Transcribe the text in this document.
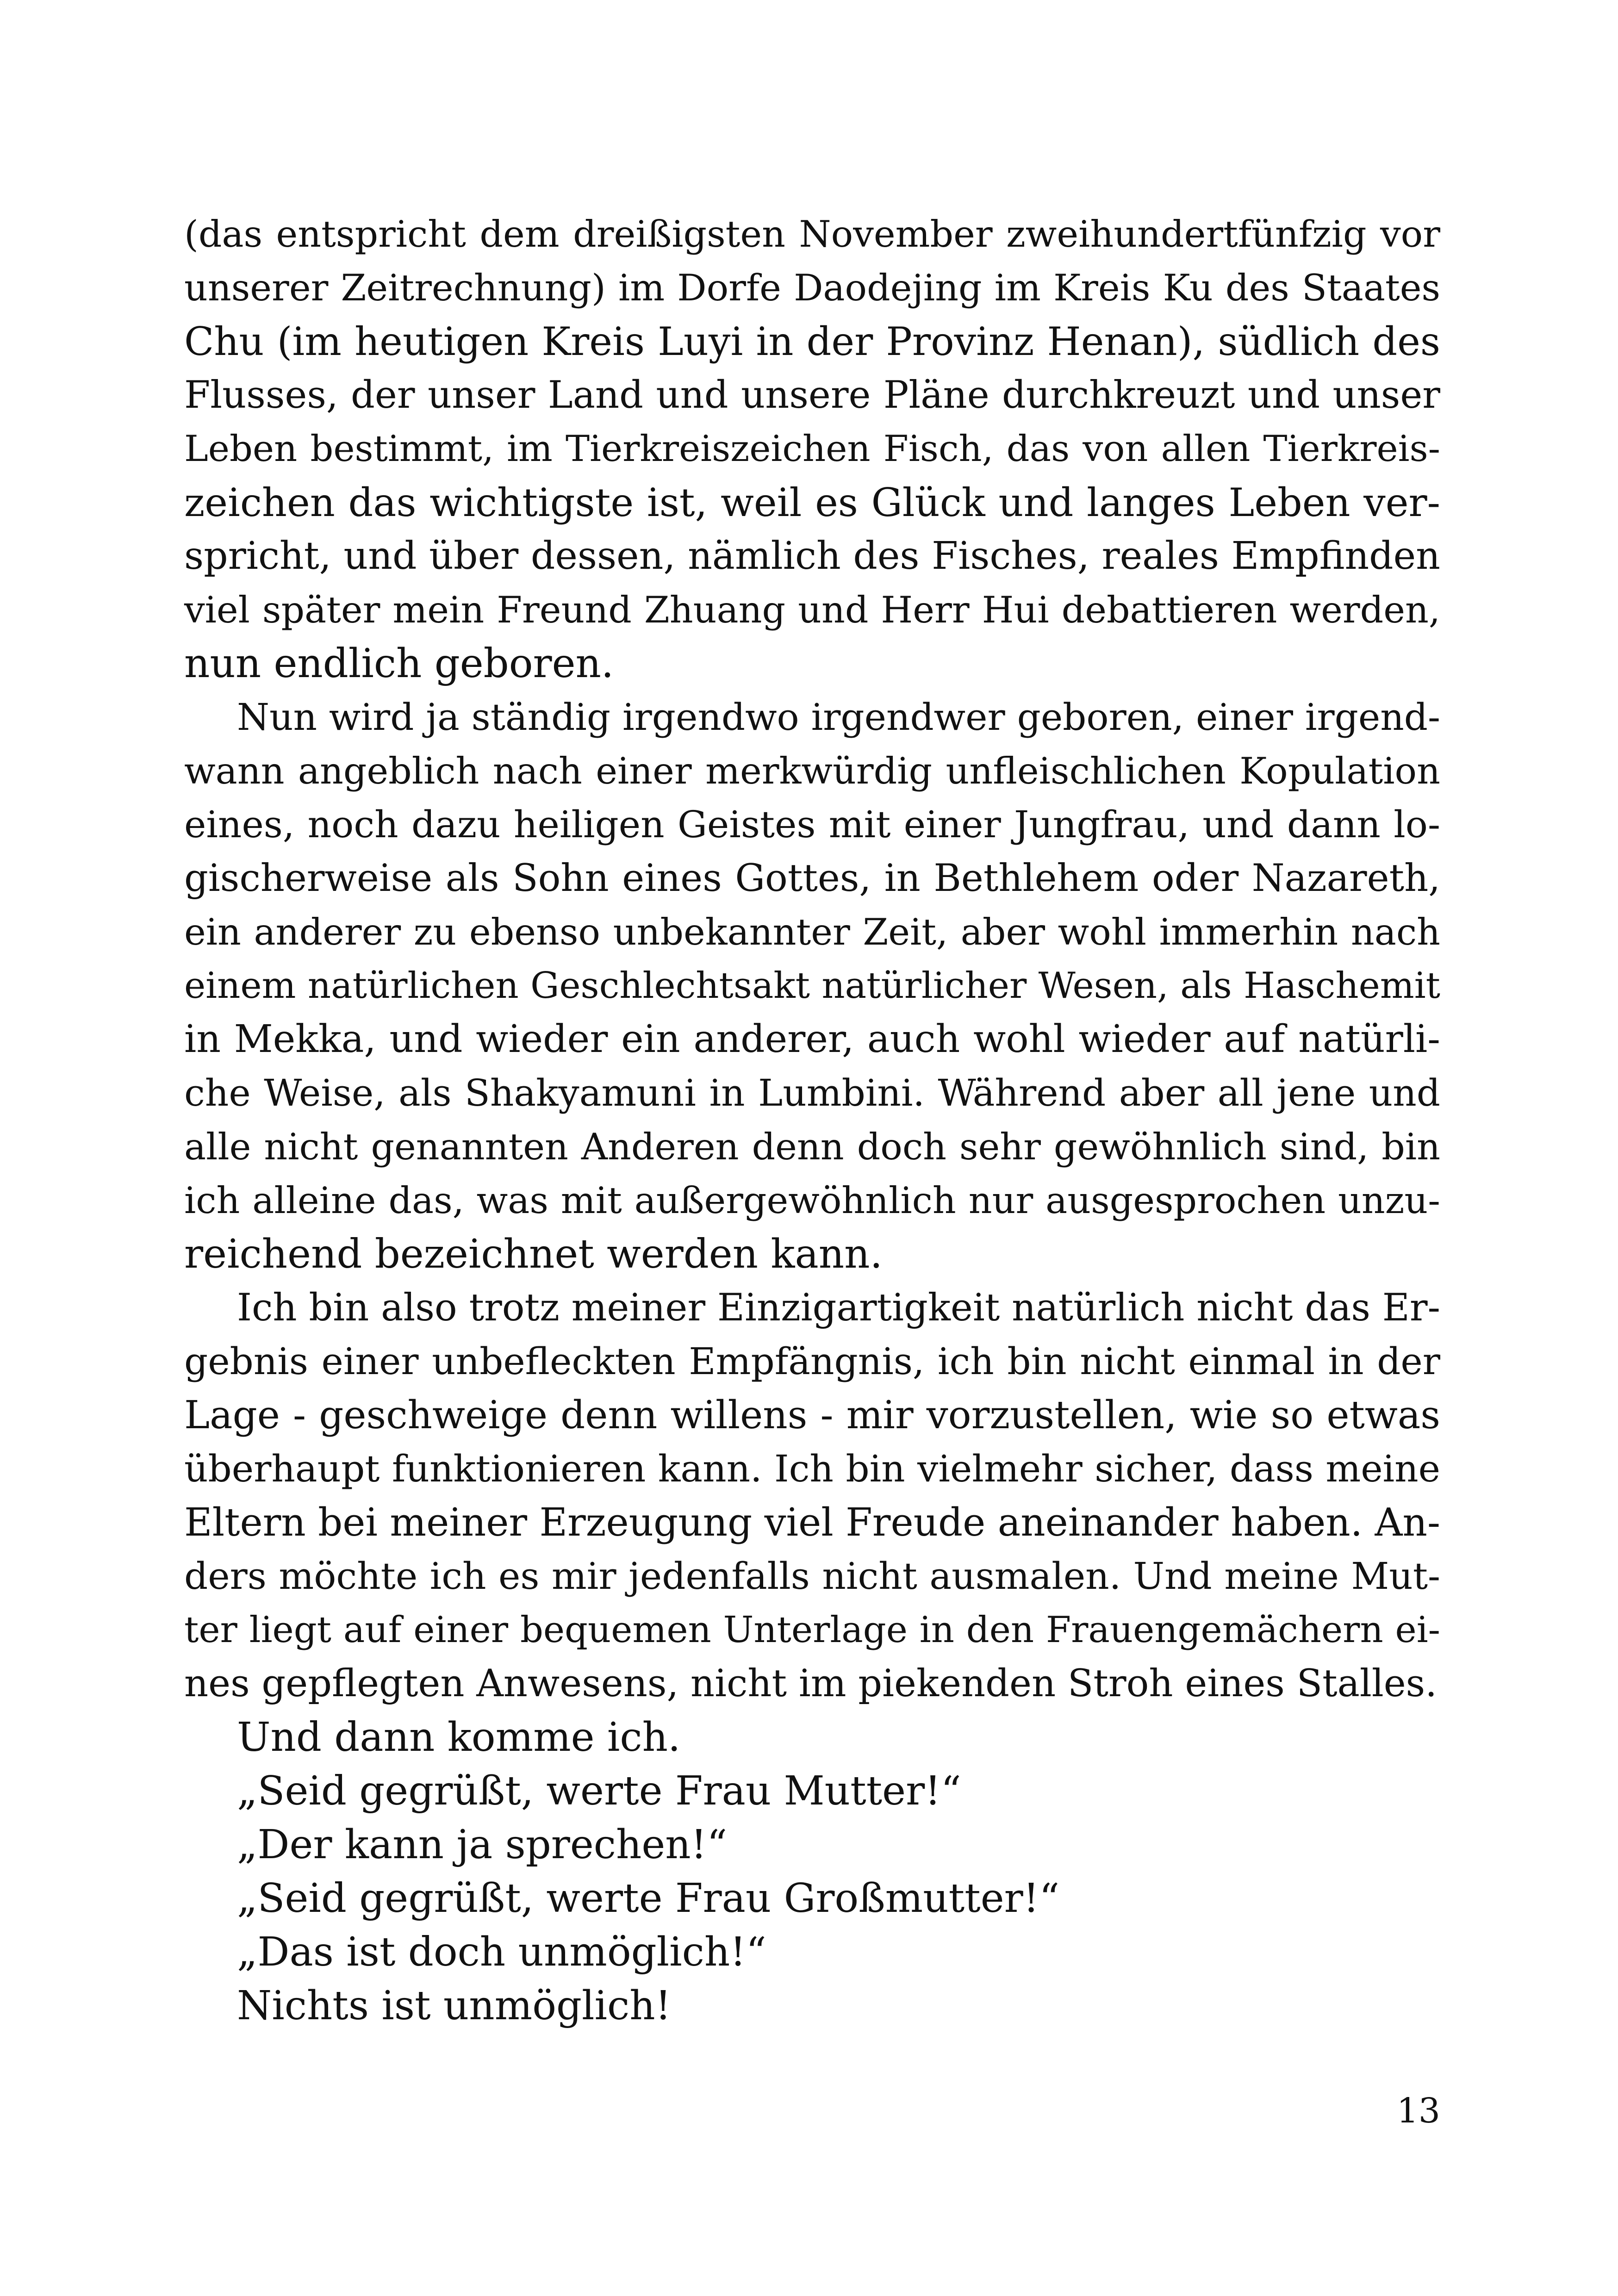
(das entspricht dem dreißigsten November zweihundertfünfzig vor
unserer Zeitrechnung) im Dorfe Daodejing im Kreis Ku des Staates
Chu (im heutigen Kreis Luyi in der Provinz Henan), südlich des
Flusses, der unser Land und unsere Pläne durchkreuzt und unser
Leben bestimmt, im Tierkreiszeichen Fisch, das von allen Tierkreis-
zeichen das wichtigste ist, weil es Glück und langes Leben ver-
spricht, und über dessen, nämlich des Fisches, reales Empfinden
viel später mein Freund Zhuang und Herr Hui debattieren werden,
nun endlich geboren.
Nun wird ja ständig irgendwo irgendwer geboren, einer irgend-
wann angeblich nach einer merkwürdig unfleischlichen Kopulation
eines, noch dazu heiligen Geistes mit einer Jungfrau, und dann lo-
gischerweise als Sohn eines Gottes, in Bethlehem oder Nazareth,
ein anderer zu ebenso unbekannter Zeit, aber wohl immerhin nach
einem natürlichen Geschlechtsakt natürlicher Wesen, als Haschemit
in Mekka, und wieder ein anderer, auch wohl wieder auf natürli-
che Weise, als Shakyamuni in Lumbini. Während aber all jene und
alle nicht genannten Anderen denn doch sehr gewöhnlich sind, bin
ich alleine das, was mit außergewöhnlich nur ausgesprochen unzu-
reichend bezeichnet werden kann.
Ich bin also trotz meiner Einzigartigkeit natürlich nicht das Er-
gebnis einer unbefleckten Empfängnis, ich bin nicht einmal in der
Lage - geschweige denn willens - mir vorzustellen, wie so etwas
überhaupt funktionieren kann. Ich bin vielmehr sicher, dass meine
Eltern bei meiner Erzeugung viel Freude aneinander haben. An-
ders möchte ich es mir jedenfalls nicht ausmalen. Und meine Mut-
ter liegt auf einer bequemen Unterlage in den Frauengemächern ei-
nes gepflegten Anwesens, nicht im piekenden Stroh eines Stalles.
Und dann komme ich.
„Seid gegrüßt, werte Frau Mutter!“
„Der kann ja sprechen!“
„Seid gegrüßt, werte Frau Großmutter!“
„Das ist doch unmöglich!“
Nichts ist unmöglich!
13
